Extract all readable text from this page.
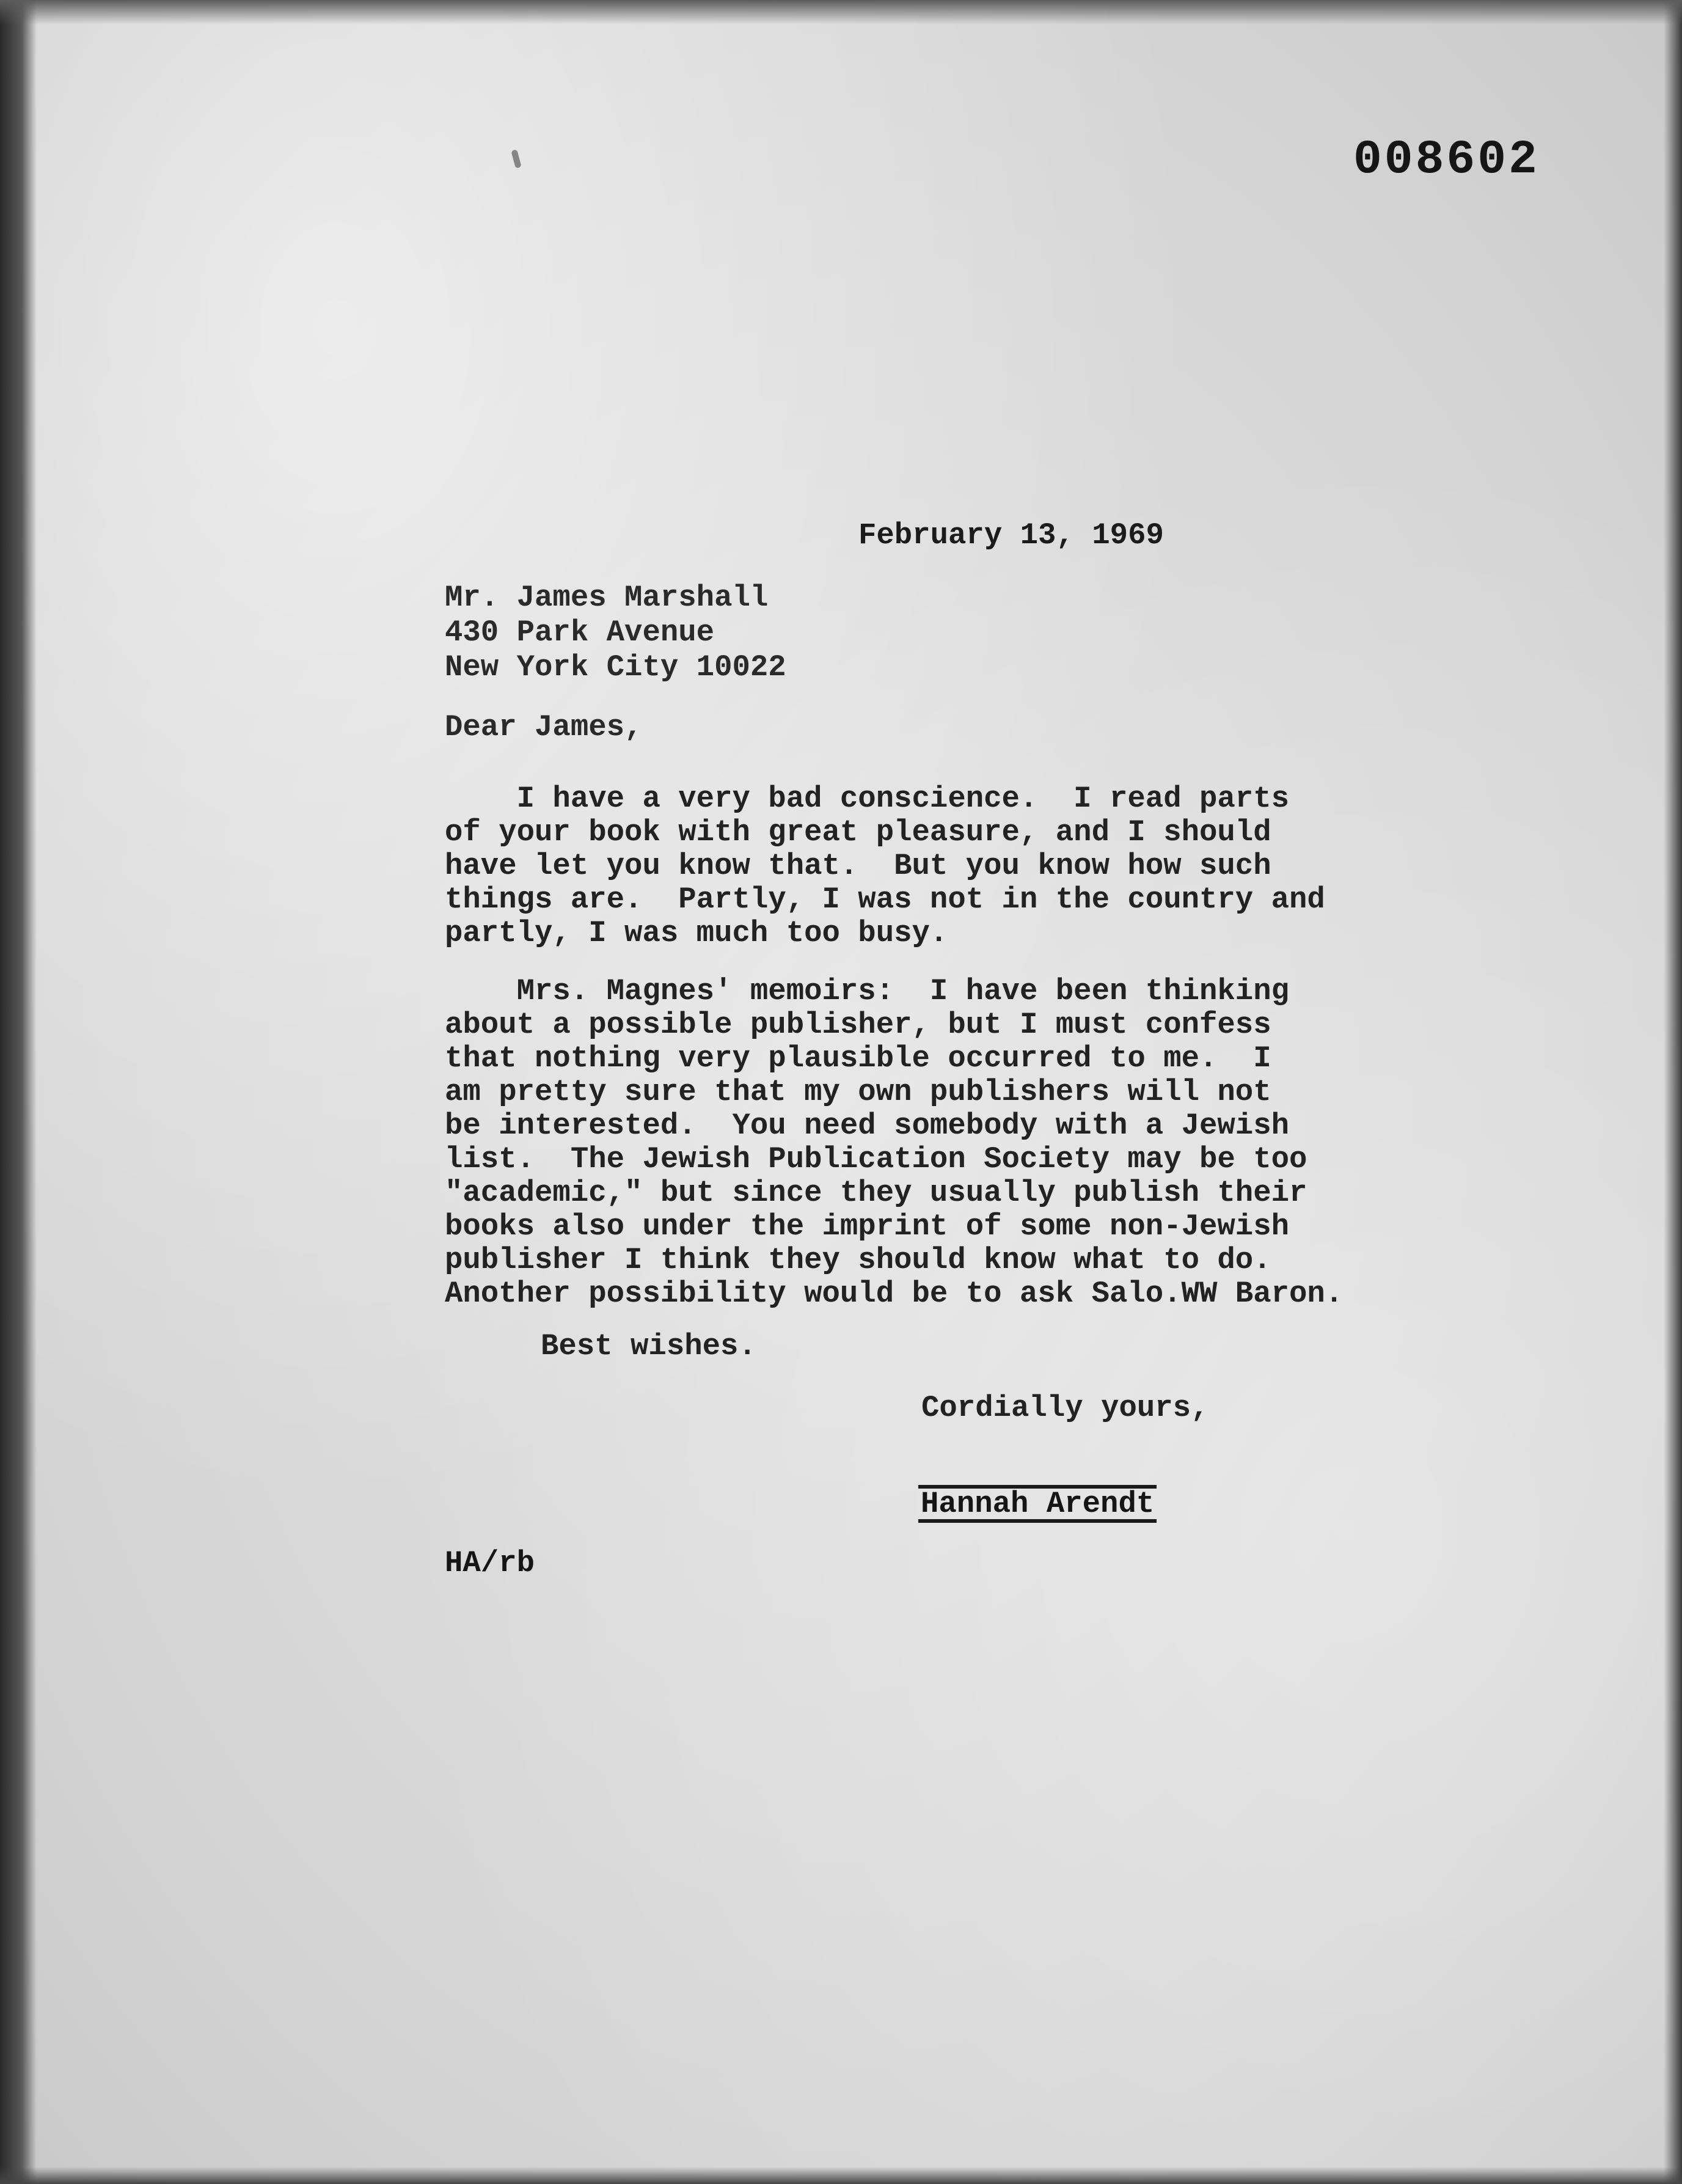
008602
February 13, 1969
Mr. James Marshall
430 Park Avenue
New York City 10022
Dear James,
I have a very bad conscience.  I read parts
of your book with great pleasure, and I should
have let you know that.  But you know how such
things are.  Partly, I was not in the country and
partly, I was much too busy.
Mrs. Magnes' memoirs:  I have been thinking
about a possible publisher, but I must confess
that nothing very plausible occurred to me.  I
am pretty sure that my own publishers will not
be interested.  You need somebody with a Jewish
list.  The Jewish Publication Society may be too
"academic," but since they usually publish their
books also under the imprint of some non-Jewish
publisher I think they should know what to do.
Another possibility would be to ask Salo.WW Baron.
Best wishes.
Cordially yours,
Hannah Arendt
HA/rb
